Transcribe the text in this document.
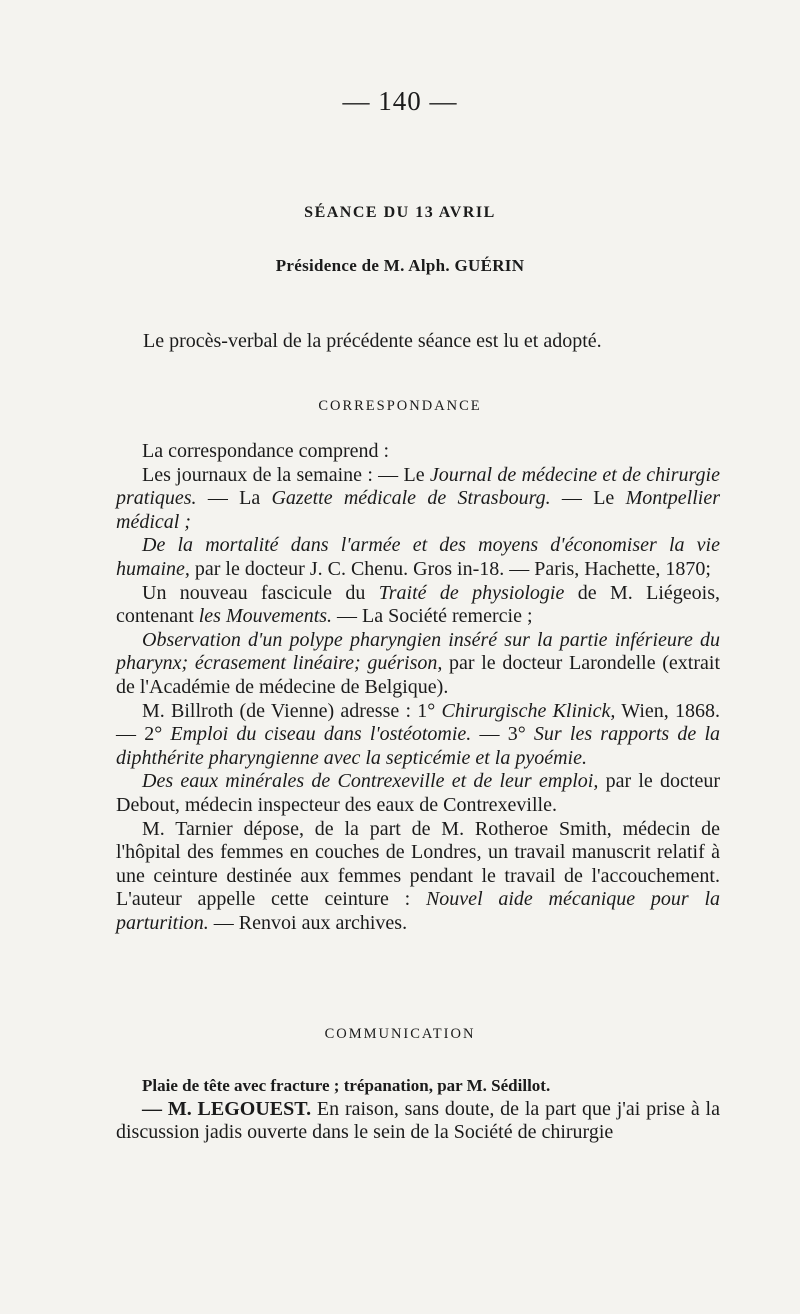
— 140 —
SÉANCE DU 13 AVRIL
Présidence de M. Alph. GUÉRIN
Le procès-verbal de la précédente séance est lu et adopté.
CORRESPONDANCE

La correspondance comprend :

Les journaux de la semaine : — Le Journal de médecine et de chirurgie pratiques. — La Gazette médicale de Strasbourg. — Le Montpellier médical ;

De la mortalité dans l'armée et des moyens d'économiser la vie humaine, par le docteur J. C. Chenu. Gros in-18. — Paris, Hachette, 1870;

Un nouveau fascicule du Traité de physiologie de M. Liégeois, contenant les Mouvements. — La Société remercie ;

Observation d'un polype pharyngien inséré sur la partie inférieure du pharynx; écrasement linéaire; guérison, par le docteur Larondelle (extrait de l'Académie de médecine de Belgique).

M. Billroth (de Vienne) adresse : 1° Chirurgische Klinick, Wien, 1868. — 2° Emploi du ciseau dans l'ostéotomie. — 3° Sur les rapports de la diphthérite pharyngienne avec la septicémie et la pyoémie.

Des eaux minérales de Contrexeville et de leur emploi, par le docteur Debout, médecin inspecteur des eaux de Contrexeville.

M. Tarnier dépose, de la part de M. Rotheroe Smith, médecin de l'hôpital des femmes en couches de Londres, un travail manuscrit relatif à une ceinture destinée aux femmes pendant le travail de l'accouchement. L'auteur appelle cette ceinture : Nouvel aide mécanique pour la parturition. — Renvoi aux archives.

COMMUNICATION

Plaie de tête avec fracture ; trépanation, par M. Sédillot.

— M. LEGOUEST. En raison, sans doute, de la part que j'ai prise à la discussion jadis ouverte dans le sein de la Société de chirurgie
